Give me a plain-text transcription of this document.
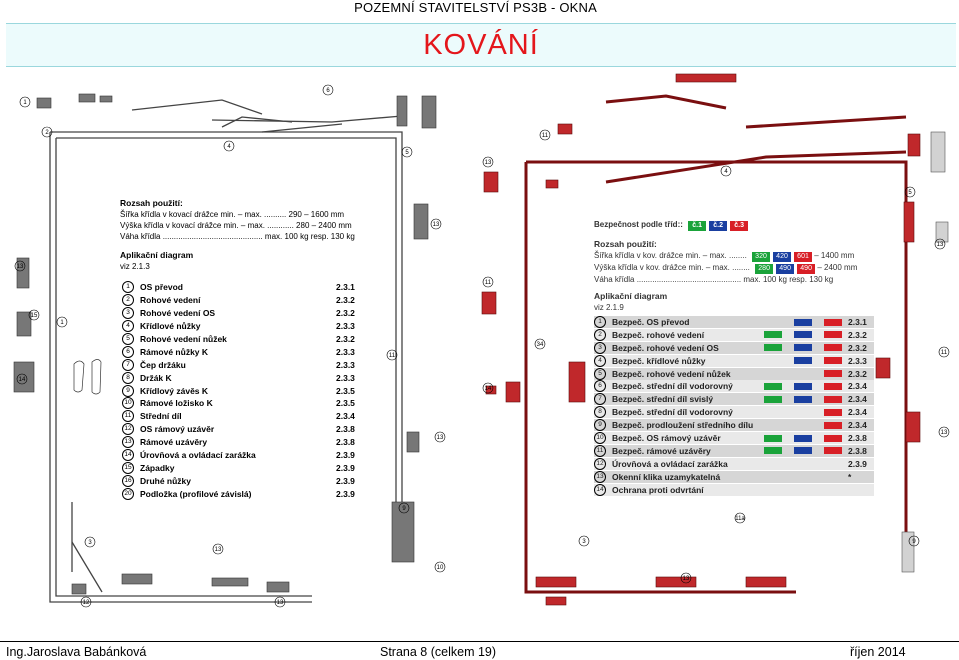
POZEMNÍ STAVITELSTVÍ PS3B - OKNA
KOVÁNÍ
1
2
4
6
5
13
13
15
1
14
11
13
9
3
13
10
12	13
Rozsah použití:
Šířka křídla v kovací drážce min. – max. .......... 290 – 1600 mm
Výška křídla v kovací drážce min. – max. ............ 280 – 2400 mm
Váha křídla ............................................. max. 100 kg resp. 130 kg
Aplikační diagram
viz 2.1.3
1	OS převod	2.3.1
2	Rohové vedení	2.3.2
3	Rohové vedení OS	2.3.2
4	Křídlové nůžky	2.3.3
5	Rohové vedení nůžek	2.3.2
6	Rámové nůžky K	2.3.3
7	Čep držáku	2.3.3
8	Držák K	2.3.3
9	Křídlový závěs K	2.3.5
10 Rámové ložisko K	2.3.5
11	Střední díl	2.3.4
12 OS rámový uzávěr	2.3.8
13 Rámové uzávěry	2.3.8
14 Úrovňová a ovládací zarážka	2.3.9
15 Západky	2.3.9
16 Druhé nůžky	2.3.9
20 Podložka (profilové závislá)	2.3.9
11
13
4
5
13
11
34
14
11
13
11a
3	9
13
Bezpečnost podle tříd:: č.1 č.2 č.3
Rozsah použití:
Šířka křídla v kov. drážce min. – max. ........ 320 420 601 – 1400 mm
Výška křídla v kov. drážce min. – max. ........ 280 490 490 – 2400 mm
Váha křídla ............................................... max. 100 kg resp. 130 kg
Aplikační diagram
viz 2.1.9
1	Bezpeč. OS převod	2.3.1
2	Bezpeč. rohové vedení	2.3.2
3	Bezpeč. rohové vedení OS	2.3.2
4	Bezpeč. křídlové nůžky	2.3.3
5	Bezpeč. rohové vedení nůžek	2.3.2
6	Bezpeč. střední díl vodorovný	2.3.4
7	Bezpeč. střední díl svislý	2.3.4
8	Bezpeč. střední díl vodorovný	2.3.4
9	Bezpeč. prodloužení středního dílu	2.3.4
10 Bezpeč. OS rámový uzávěr	2.3.8
11	Bezpeč. rámové uzávěry	2.3.8
12 Úrovňová a ovládací zarážka	2.3.9
13 Okenní klika uzamykatelná	*
14 Ochrana proti odvrtání
Ing.Jaroslava Babánková	Strana 8 (celkem 19)	říjen 2014
